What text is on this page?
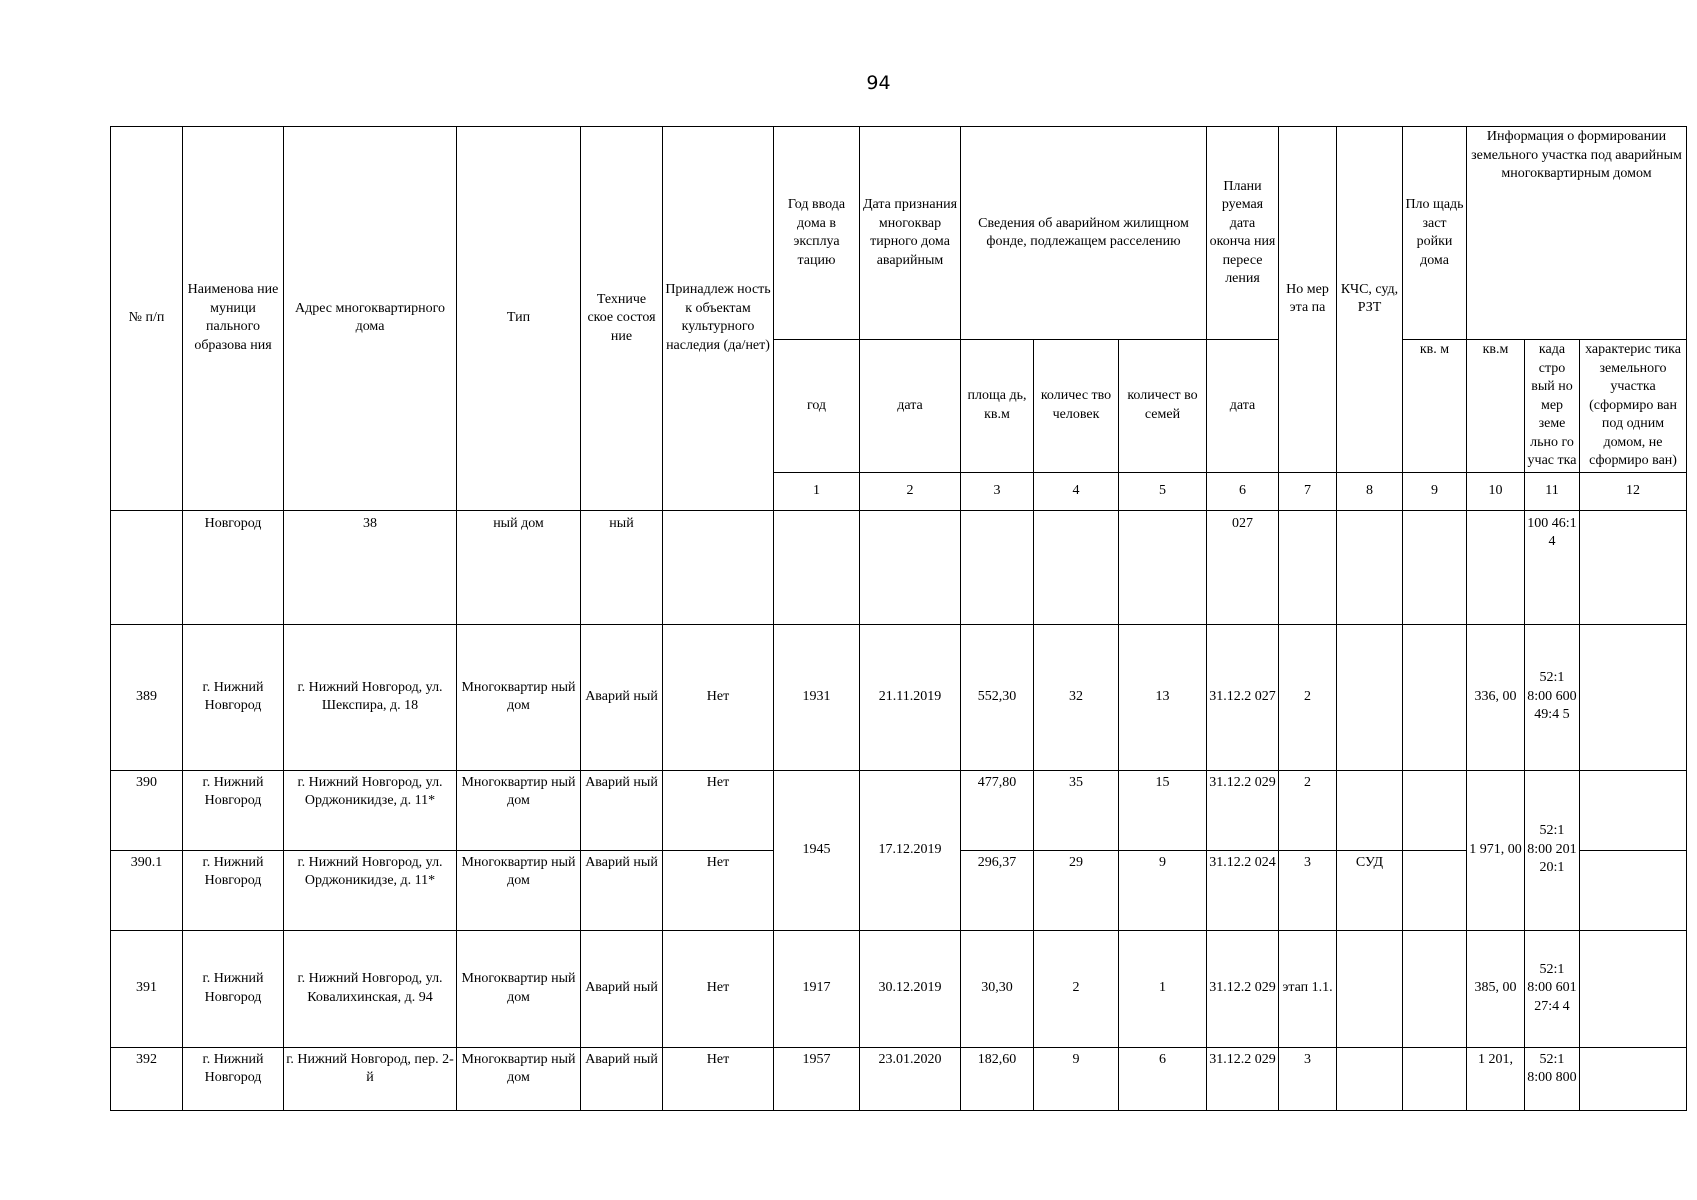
94
№ п/п	Наименова ние муници пального образова ния	Адрес многоквартирного дома	Тип	Техниче ское состоя ние	Принадлеж ность к объектам культурного наследия (да/нет)	Год ввода дома в эксплуа тацию	Дата признания многоквар тирного дома аварийным	Сведения об аварийном жилищном фонде, подлежащем расселению			Плани руемая дата оконча ния пересе ления	Но мер эта па	КЧС, суд, РЗТ	Пло щадь заст ройки дома	Информация о формировании земельного участка под аварийным многоквартирным домом			
						год	дата	площа дь, кв.м	количес тво человек	количест во семей	дата			кв. м	кв.м	када стро вый но мер земе льно го учас тка	характерис тика земельного участка (сформиро ван под одним домом, не сформиро ван)	
						1	2	3	4	5	6	7	8	9	10	11	12						
	Новгород	38	ный дом	ный							027					100 46:1 4		
389	г. Нижний Новгород	г. Нижний Новгород, ул. Шекспира, д. 18	Многоквартир ный дом	Аварий ный	Нет	1931	21.11.2019	552,30	32	13	31.12.2 027	2			336, 00	52:1 8:00 600 49:4 5		
390	г. Нижний Новгород	г. Нижний Новгород, ул. Орджоникидзе, д. 11*	Многоквартир ный дом	Аварий ный	Нет	1945	17.12.2019	477,80	35	15	31.12.2 029	2			1 971, 00	52:1 8:00 201 20:1		
390.1	г. Нижний Новгород	г. Нижний Новгород, ул. Орджоникидзе, д. 11*	Многоквартир ный дом	Аварий ный	Нет			296,37	29	9	31.12.2 024	3	СУД					
391	г. Нижний Новгород	г. Нижний Новгород, ул. Ковалихинская, д. 94	Многоквартир ный дом	Аварий ный	Нет	1917	30.12.2019	30,30	2	1	31.12.2 029	этап 1.1.			385, 00	52:1 8:00 601 27:4 4		
392	г. Нижний Новгород	г. Нижний Новгород, пер. 2-й	Многоквартир ный дом	Аварий ный	Нет	1957	23.01.2020	182,60	9	6	31.12.2 029	3			1 201,	52:1 8:00 800		
